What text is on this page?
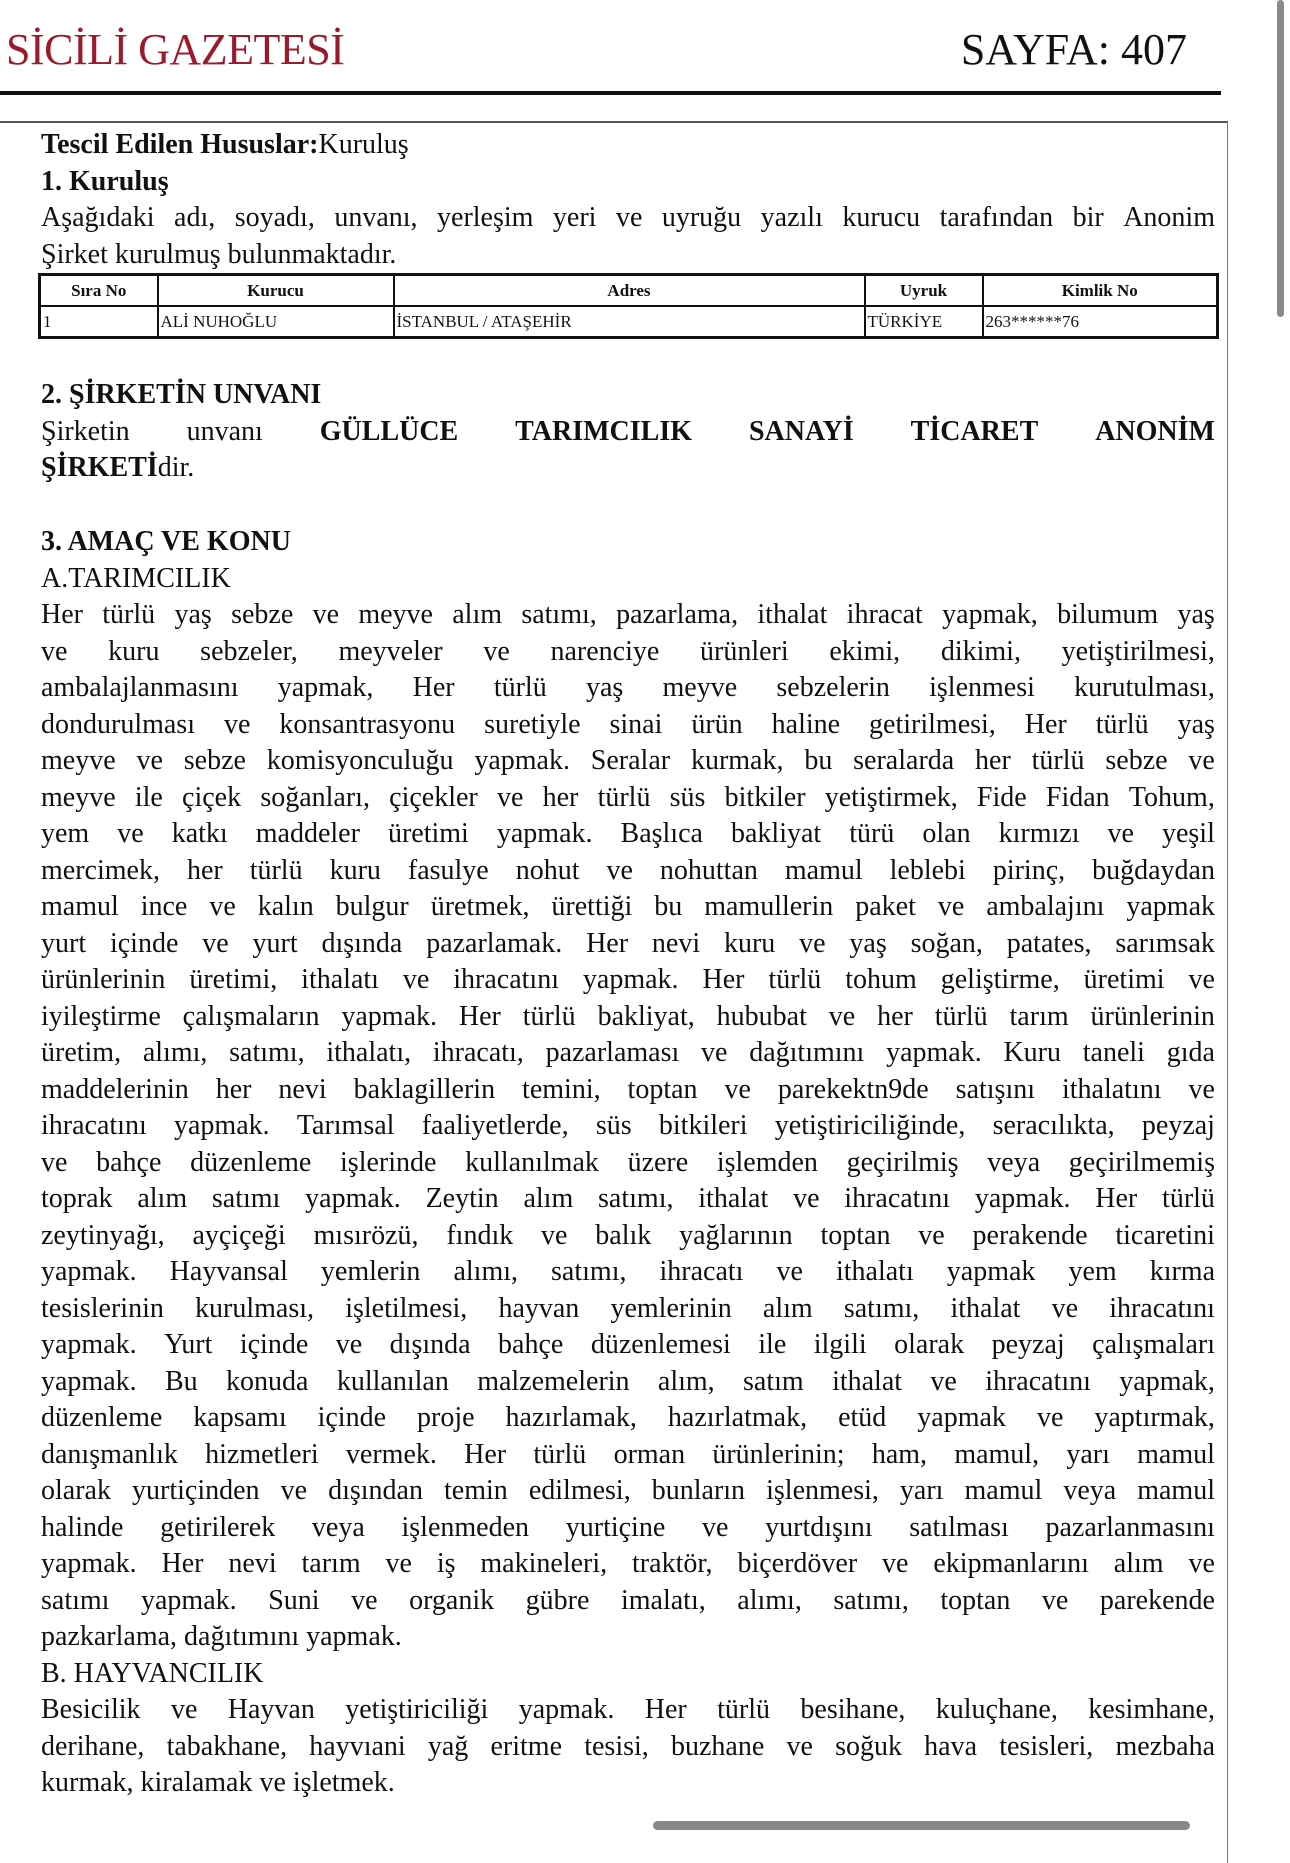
SİCİLİ GAZETESİ	SAYFA: 407
Tescil Edilen Hususlar:Kuruluş
1. Kuruluş
Aşağıdaki adı, soyadı, unvanı, yerleşim yeri ve uyruğu yazılı kurucu tarafından bir Anonim
Şirket kurulmuş bulunmaktadır.
Sıra No	Kurucu	Adres	Uyruk	Kimlik No
1	ALİ NUHOĞLU	İSTANBUL / ATAŞEHİR	TÜRKİYE	263******76
2. ŞİRKETİN UNVANI
Şirketin unvanı GÜLLÜCE TARIMCILIK SANAYİ TİCARET ANONİM
ŞİRKETİdir.
3. AMAÇ VE KONU
A.TARIMCILIK
Her türlü yaş sebze ve meyve alım satımı, pazarlama, ithalat ihracat yapmak, bilumum yaş
ve kuru sebzeler, meyveler ve narenciye ürünleri ekimi, dikimi, yetiştirilmesi,
ambalajlanmasını yapmak, Her türlü yaş meyve sebzelerin işlenmesi kurutulması,
dondurulması ve konsantrasyonu suretiyle sinai ürün haline getirilmesi, Her türlü yaş
meyve ve sebze komisyonculuğu yapmak. Seralar kurmak, bu seralarda her türlü sebze ve
meyve ile çiçek soğanları, çiçekler ve her türlü süs bitkiler yetiştirmek, Fide Fidan Tohum,
yem ve katkı maddeler üretimi yapmak. Başlıca bakliyat türü olan kırmızı ve yeşil
mercimek, her türlü kuru fasulye nohut ve nohuttan mamul leblebi pirinç, buğdaydan
mamul ince ve kalın bulgur üretmek, ürettiği bu mamullerin paket ve ambalajını yapmak
yurt içinde ve yurt dışında pazarlamak. Her nevi kuru ve yaş soğan, patates, sarımsak
ürünlerinin üretimi, ithalatı ve ihracatını yapmak. Her türlü tohum geliştirme, üretimi ve
iyileştirme çalışmaların yapmak. Her türlü bakliyat, hububat ve her türlü tarım ürünlerinin
üretim, alımı, satımı, ithalatı, ihracatı, pazarlaması ve dağıtımını yapmak. Kuru taneli gıda
maddelerinin her nevi baklagillerin temini, toptan ve parekektn9de satışını ithalatını ve
ihracatını yapmak. Tarımsal faaliyetlerde, süs bitkileri yetiştiriciliğinde, seracılıkta, peyzaj
ve bahçe düzenleme işlerinde kullanılmak üzere işlemden geçirilmiş veya geçirilmemiş
toprak alım satımı yapmak. Zeytin alım satımı, ithalat ve ihracatını yapmak. Her türlü
zeytinyağı, ayçiçeği mısırözü, fındık ve balık yağlarının toptan ve perakende ticaretini
yapmak. Hayvansal yemlerin alımı, satımı, ihracatı ve ithalatı yapmak yem kırma
tesislerinin kurulması, işletilmesi, hayvan yemlerinin alım satımı, ithalat ve ihracatını
yapmak. Yurt içinde ve dışında bahçe düzenlemesi ile ilgili olarak peyzaj çalışmaları
yapmak. Bu konuda kullanılan malzemelerin alım, satım ithalat ve ihracatını yapmak,
düzenleme kapsamı içinde proje hazırlamak, hazırlatmak, etüd yapmak ve yaptırmak,
danışmanlık hizmetleri vermek. Her türlü orman ürünlerinin; ham, mamul, yarı mamul
olarak yurtiçinden ve dışından temin edilmesi, bunların işlenmesi, yarı mamul veya mamul
halinde getirilerek veya işlenmeden yurtiçine ve yurtdışını satılması pazarlanmasını
yapmak. Her nevi tarım ve iş makineleri, traktör, biçerdöver ve ekipmanlarını alım ve
satımı yapmak. Suni ve organik gübre imalatı, alımı, satımı, toptan ve parekende
pazkarlama, dağıtımını yapmak.
B. HAYVANCILIK
Besicilik ve Hayvan yetiştiriciliği yapmak. Her türlü besihane, kuluçhane, kesimhane,
derihane, tabakhane, hayvıani yağ eritme tesisi, buzhane ve soğuk hava tesisleri, mezbaha
kurmak, kiralamak ve işletmek.
